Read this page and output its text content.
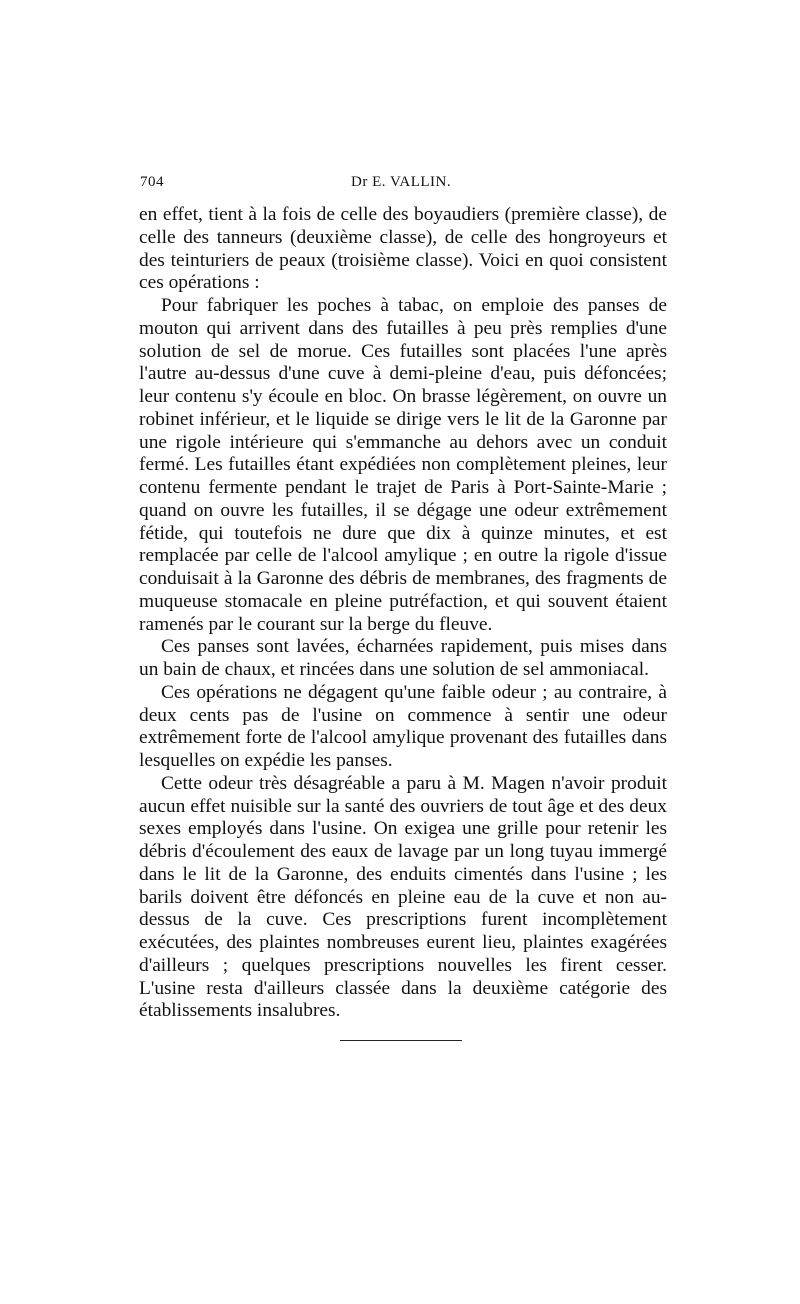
704	Dr E. VALLIN.

en effet, tient à la fois de celle des boyaudiers (première classe), de celle des tanneurs (deuxième classe), de celle des hongroyeurs et des teinturiers de peaux (troisième classe). Voici en quoi consistent ces opérations :

Pour fabriquer les poches à tabac, on emploie des panses de mouton qui arrivent dans des futailles à peu près remplies d'une solution de sel de morue. Ces futailles sont placées l'une après l'autre au-dessus d'une cuve à demi-pleine d'eau, puis défoncées; leur contenu s'y écoule en bloc. On brasse légèrement, on ouvre un robinet inférieur, et le liquide se dirige vers le lit de la Garonne par une rigole intérieure qui s'emmanche au dehors avec un conduit fermé. Les futailles étant expédiées non complètement pleines, leur contenu fermente pendant le trajet de Paris à Port-Sainte-Marie ; quand on ouvre les futailles, il se dégage une odeur extrêmement fétide, qui toutefois ne dure que dix à quinze minutes, et est remplacée par celle de l'alcool amylique ; en outre la rigole d'issue conduisait à la Garonne des débris de membranes, des fragments de muqueuse stomacale en pleine putréfaction, et qui souvent étaient ramenés par le courant sur la berge du fleuve.

Ces panses sont lavées, écharnées rapidement, puis mises dans un bain de chaux, et rincées dans une solution de sel ammoniacal.

Ces opérations ne dégagent qu'une faible odeur ; au contraire, à deux cents pas de l'usine on commence à sentir une odeur extrêmement forte de l'alcool amylique provenant des futailles dans lesquelles on expédie les panses.

Cette odeur très désagréable a paru à M. Magen n'avoir produit aucun effet nuisible sur la santé des ouvriers de tout âge et des deux sexes employés dans l'usine. On exigea une grille pour retenir les débris d'écoulement des eaux de lavage par un long tuyau immergé dans le lit de la Garonne, des enduits cimentés dans l'usine ; les barils doivent être défoncés en pleine eau de la cuve et non au-dessus de la cuve. Ces prescriptions furent incomplètement exécutées, des plaintes nombreuses eurent lieu, plaintes exagérées d'ailleurs ; quelques prescriptions nouvelles les firent cesser. L'usine resta d'ailleurs classée dans la deuxième catégorie des établissements insalubres.
